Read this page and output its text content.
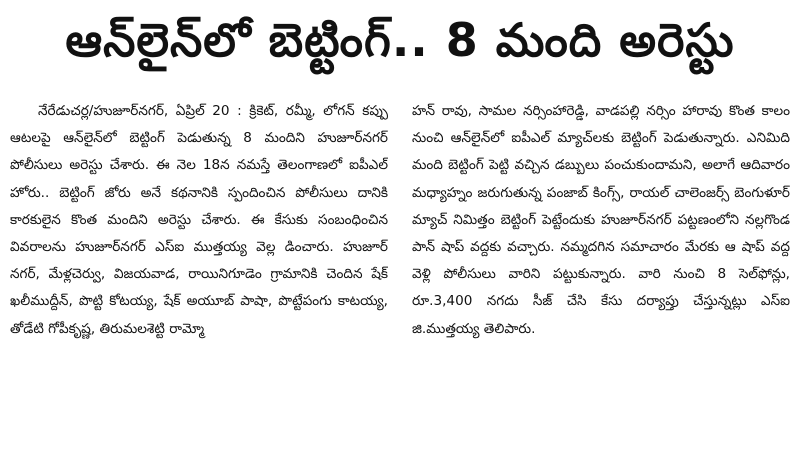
ఆన్‌లైన్‌లో బెట్టింగ్.. 8 మంది అరెస్టు

నేరేడుచర్ల/హుజూర్‌నగర్, ఏప్రిల్ 20 : క్రికెట్, రమ్మీ, లోగన్ కప్పు ఆటలపై ఆన్‌లైన్‌లో బెట్టింగ్ పెడుతున్న 8 మందిని హుజూర్‌నగర్ పోలీసులు అరెస్టు చేశారు. ఈ నెల 18న నమస్తే తెలంగాణలో ఐపీఎల్ హోరు.. బెట్టింగ్ జోరు అనే కథనానికి స్పందించిన పోలీసులు దానికి కారకులైన కొంత మందిని అరెస్టు చేశారు. ఈ కేసుకు సంబంధించిన వివరాలను హుజూర్‌నగర్ ఎస్‌ఐ ముత్తయ్య వెల్ల డించారు. హుజూర్ నగర్, మేళ్లచెర్వు, విజయవాడ, రాయినిగూడెం గ్రామానికి చెందిన షేక్ ఖలీముద్దీన్, పొట్టి కోటయ్య, షేక్ అయూబ్ పాషా, పొట్టేపంగు కాటయ్య, తోడేటి గోపీకృష్ణ, తిరుమలశెట్టి రామ్మో

హన్ రావు, సామల నర్సింహారెడ్డి, వాడపల్లి నర్సిం హారావు కొంత కాలం నుంచి ఆన్‌లైన్‌లో ఐపీఎల్ మ్యాచ్‌లకు బెట్టింగ్ పెడుతున్నారు. ఎనిమిది మంది బెట్టింగ్ పెట్టి వచ్చిన డబ్బులు పంచుకుందామని, అలాగే ఆదివారం మధ్యాహ్నం జరుగుతున్న పంజాబ్ కింగ్స్, రాయల్ చాలెంజర్స్ బెంగుళూర్ మ్యాచ్ నిమిత్తం బెట్టింగ్ పెట్టేందుకు హుజూర్‌నగర్ పట్టణంలోని నల్లగొండ పాన్ షాప్ వద్దకు వచ్చారు. నమ్మదగిన సమాచారం మేరకు ఆ షాప్ వద్ద వెళ్లి పోలీసులు వారిని పట్టుకున్నారు. వారి నుంచి 8 సెల్‌ఫోన్లు, రూ.3,400 నగదు సీజ్ చేసి కేసు దర్యాప్తు చేస్తున్నట్లు ఎస్‌ఐ జి.ముత్తయ్య తెలిపారు.
